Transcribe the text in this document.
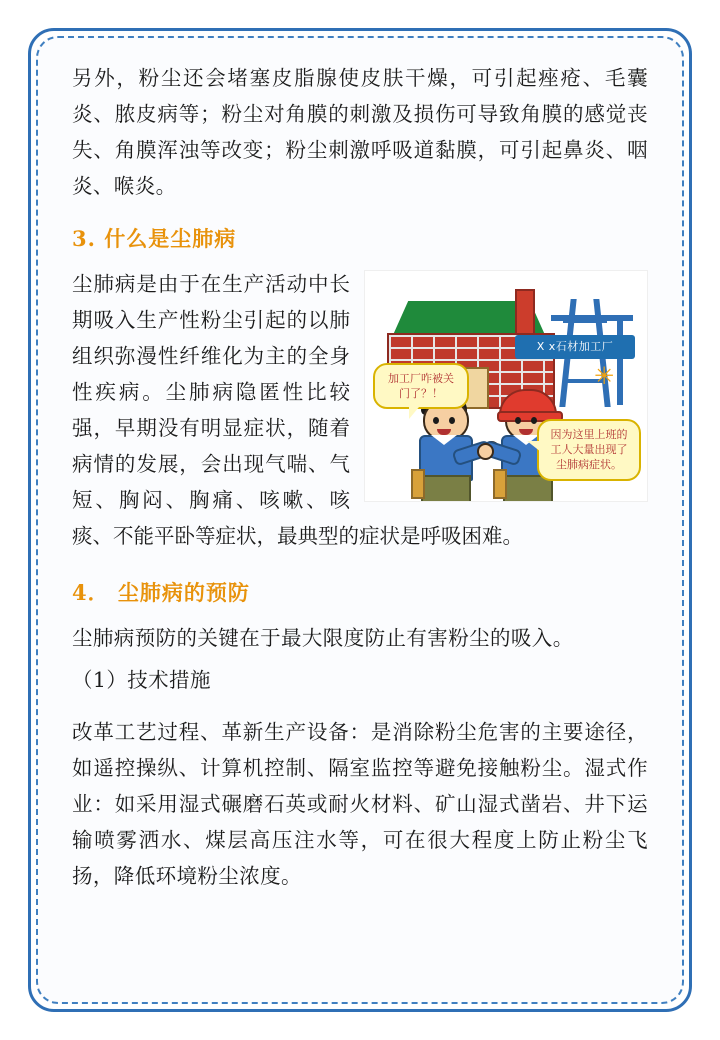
另外，粉尘还会堵塞皮脂腺使皮肤干燥，可引起痤疮、毛囊炎、脓皮病等；粉尘对角膜的刺激及损伤可导致角膜的感觉丧失、角膜浑浊等改变；粉尘刺激呼吸道黏膜，可引起鼻炎、咽炎、喉炎。

3. 什么是尘肺病

X x石材加工厂
✳
加工厂咋被关门了？！
因为这里上班的工人大量出现了尘肺病症状。

尘肺病是由于在生产活动中长期吸入生产性粉尘引起的以肺组织弥漫性纤维化为主的全身性疾病。尘肺病隐匿性比较强，早期没有明显症状，随着病情的发展，会出现气喘、气短、胸闷、胸痛、咳嗽、咳痰、不能平卧等症状，最典型的症状是呼吸困难。

4． 尘肺病的预防

尘肺病预防的关键在于最大限度防止有害粉尘的吸入。

（1）技术措施

改革工艺过程、革新生产设备：是消除粉尘危害的主要途径，如遥控操纵、计算机控制、隔室监控等避免接触粉尘。湿式作业：如采用湿式碾磨石英或耐火材料、矿山湿式凿岩、井下运输喷雾洒水、煤层高压注水等，可在很大程度上防止粉尘飞扬，降低环境粉尘浓度。
